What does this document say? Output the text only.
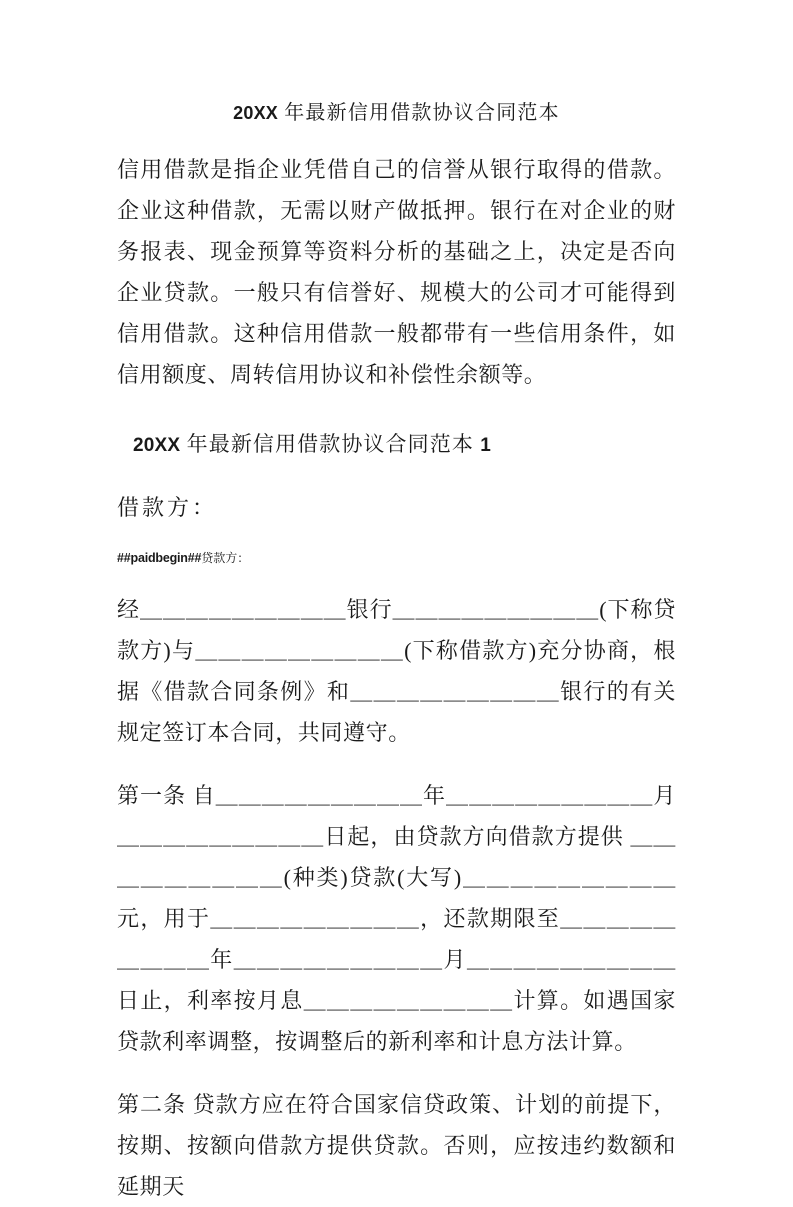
20XX 年最新信用借款协议合同范本

信用借款是指企业凭借自己的信誉从银行取得的借款。企业这种借款，无需以财产做抵押。银行在对企业的财务报表、现金预算等资料分析的基础之上，决定是否向企业贷款。一般只有信誉好、规模大的公司才可能得到信用借款。这种信用借款一般都带有一些信用条件，如信用额度、周转信用协议和补偿性余额等。

20XX 年最新信用借款协议合同范本 1

借款方：

##paidbegin##贷款方：

经＿＿＿＿＿＿＿＿＿银行＿＿＿＿＿＿＿＿＿(下称贷款方)与＿＿＿＿＿＿＿＿＿(下称借款方)充分协商，根据《借款合同条例》和＿＿＿＿＿＿＿＿＿银行的有关规定签订本合同，共同遵守。

第一条 自＿＿＿＿＿＿＿＿＿年＿＿＿＿＿＿＿＿＿月＿＿＿＿＿＿＿＿＿日起，由贷款方向借款方提供 ＿＿＿＿＿＿＿＿＿(种类)贷款(大写)＿＿＿＿＿＿＿＿＿元，用于＿＿＿＿＿＿＿＿＿，还款期限至＿＿＿＿＿＿＿＿＿年＿＿＿＿＿＿＿＿＿月＿＿＿＿＿＿＿＿＿日止，利率按月息＿＿＿＿＿＿＿＿＿计算。如遇国家贷款利率调整，按调整后的新利率和计息方法计算。

第二条 贷款方应在符合国家信贷政策、计划的前提下，按期、按额向借款方提供贷款。否则，应按违约数额和延期天
